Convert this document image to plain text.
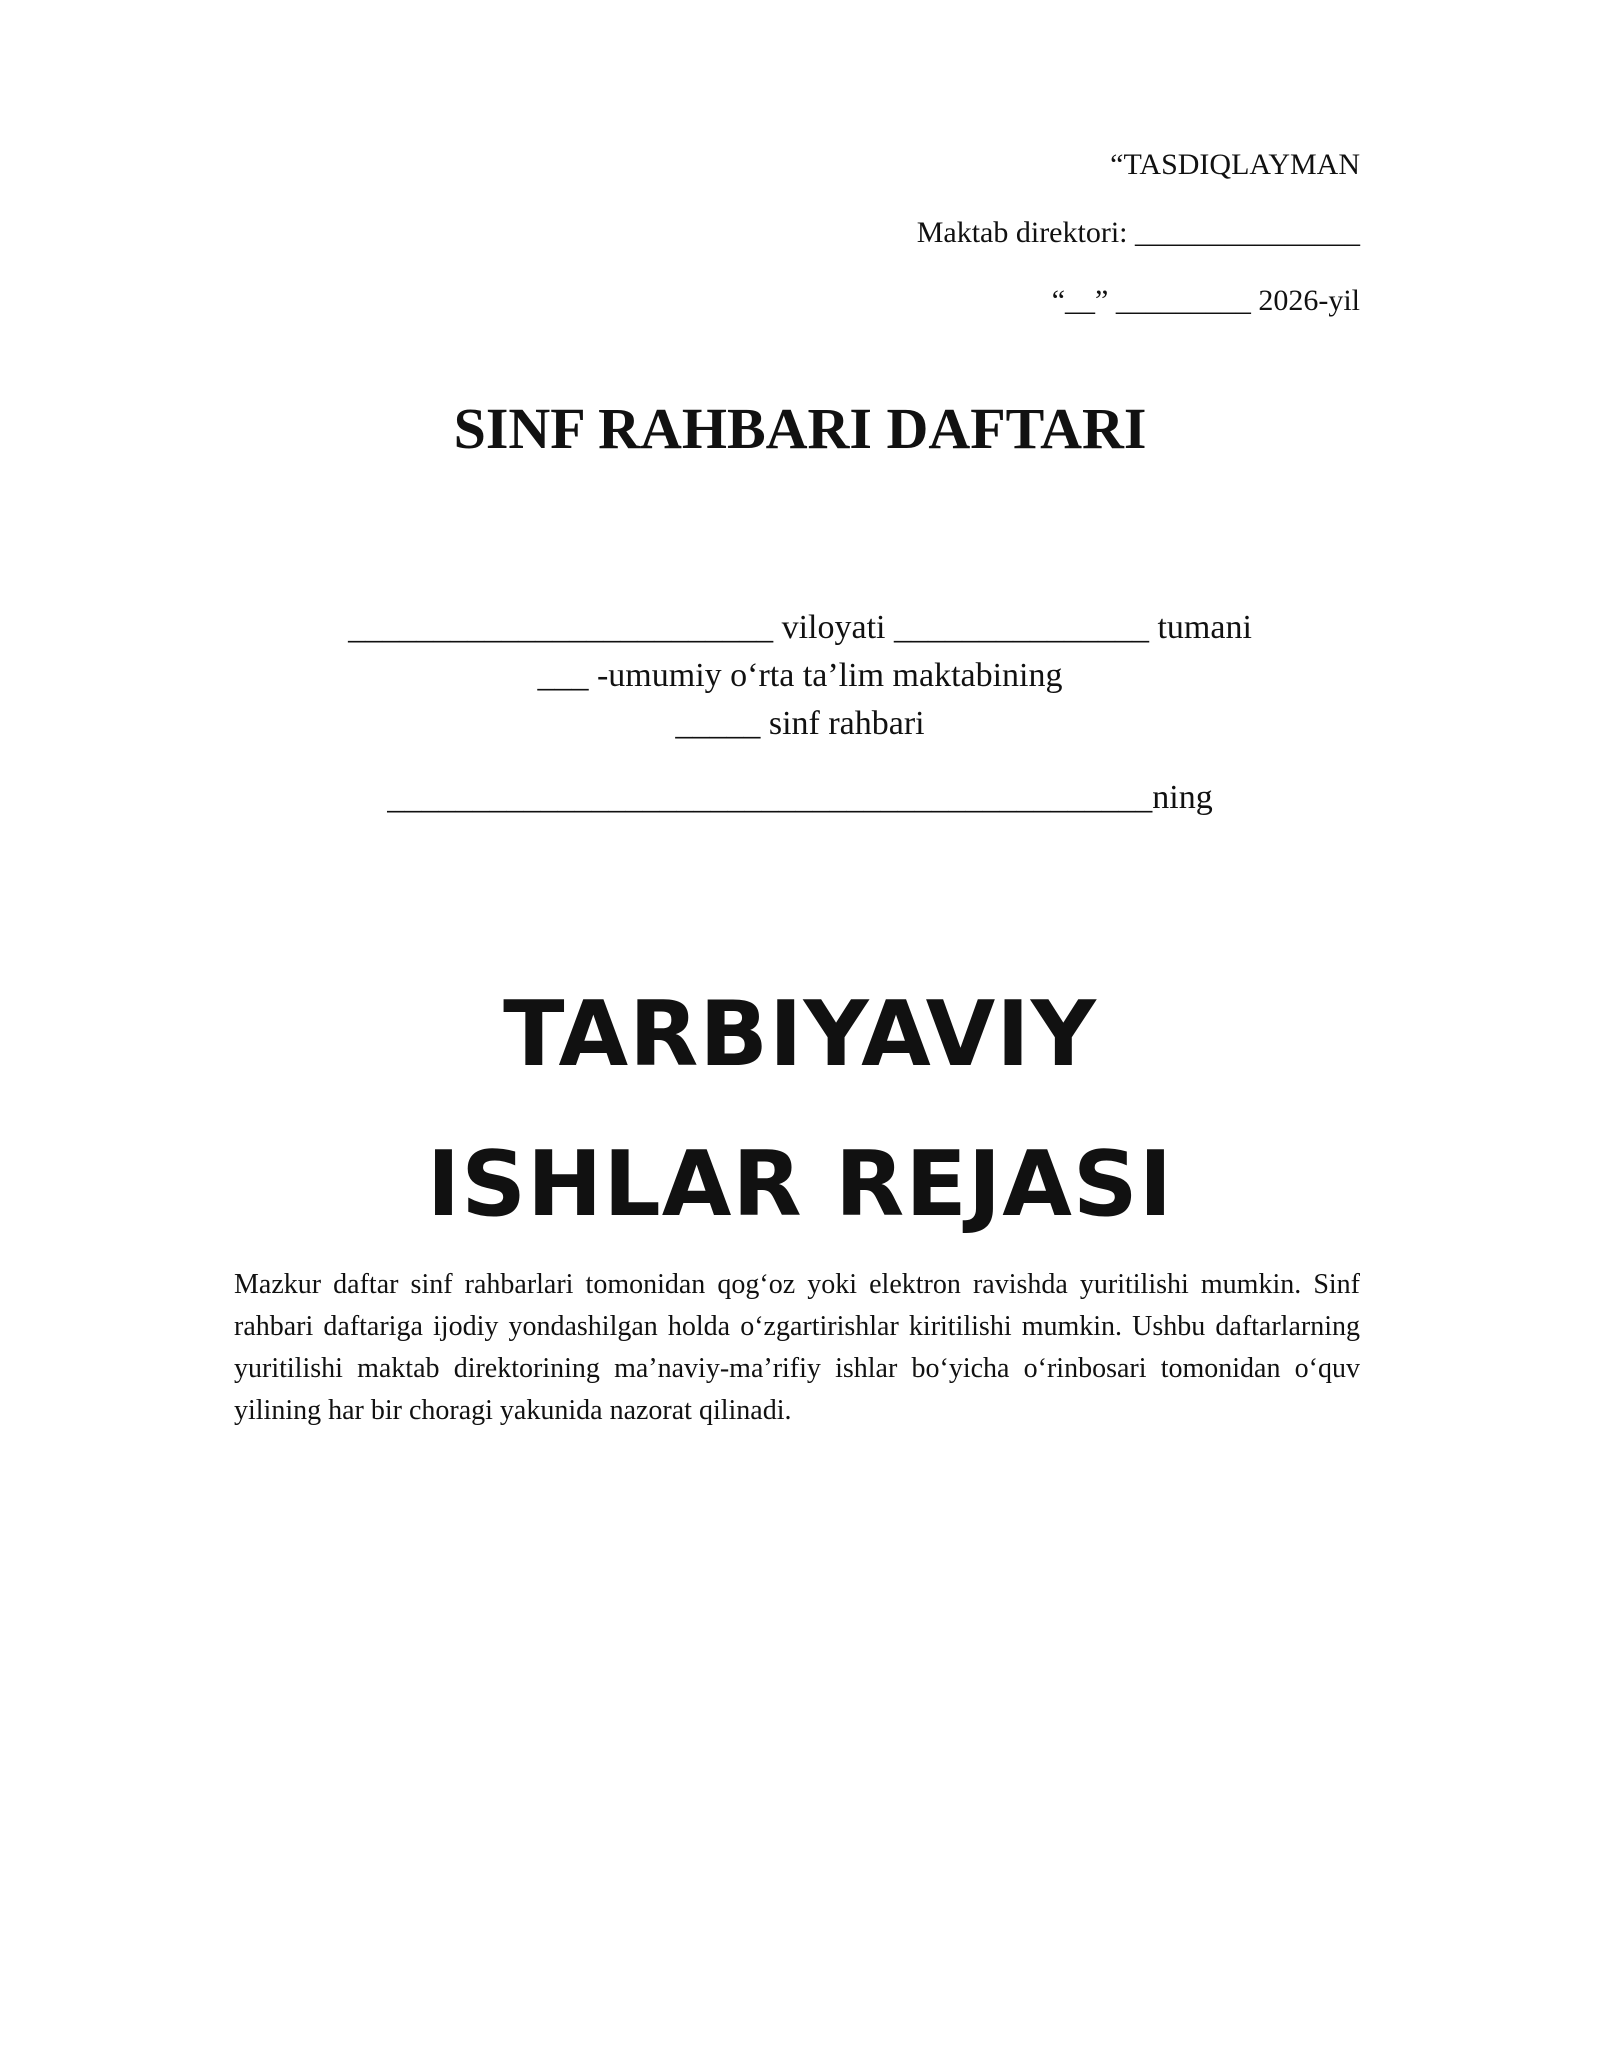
“TASDIQLAYMAN
Maktab direktori: _______________
“__” _________ 2026-yil
SINF RAHBARI DAFTARI
_________________________ viloyati _______________ tumani
___ -umumiy o‘rta ta’lim maktabining
_____ sinf rahbari
_____________________________________________ning
TARBIYAVIY
ISHLAR REJASI

Mazkur daftar sinf rahbarlari tomonidan qog‘oz yoki elektron ravishda yuritilishi mumkin. Sinf rahbari daftariga ijodiy yondashilgan holda o‘zgartirishlar kiritilishi mumkin. Ushbu daftarlarning yuritilishi maktab direktorining ma’naviy-ma’rifiy ishlar bo‘yicha o‘rinbosari tomonidan o‘quv yilining har bir choragi yakunida nazorat qilinadi.
